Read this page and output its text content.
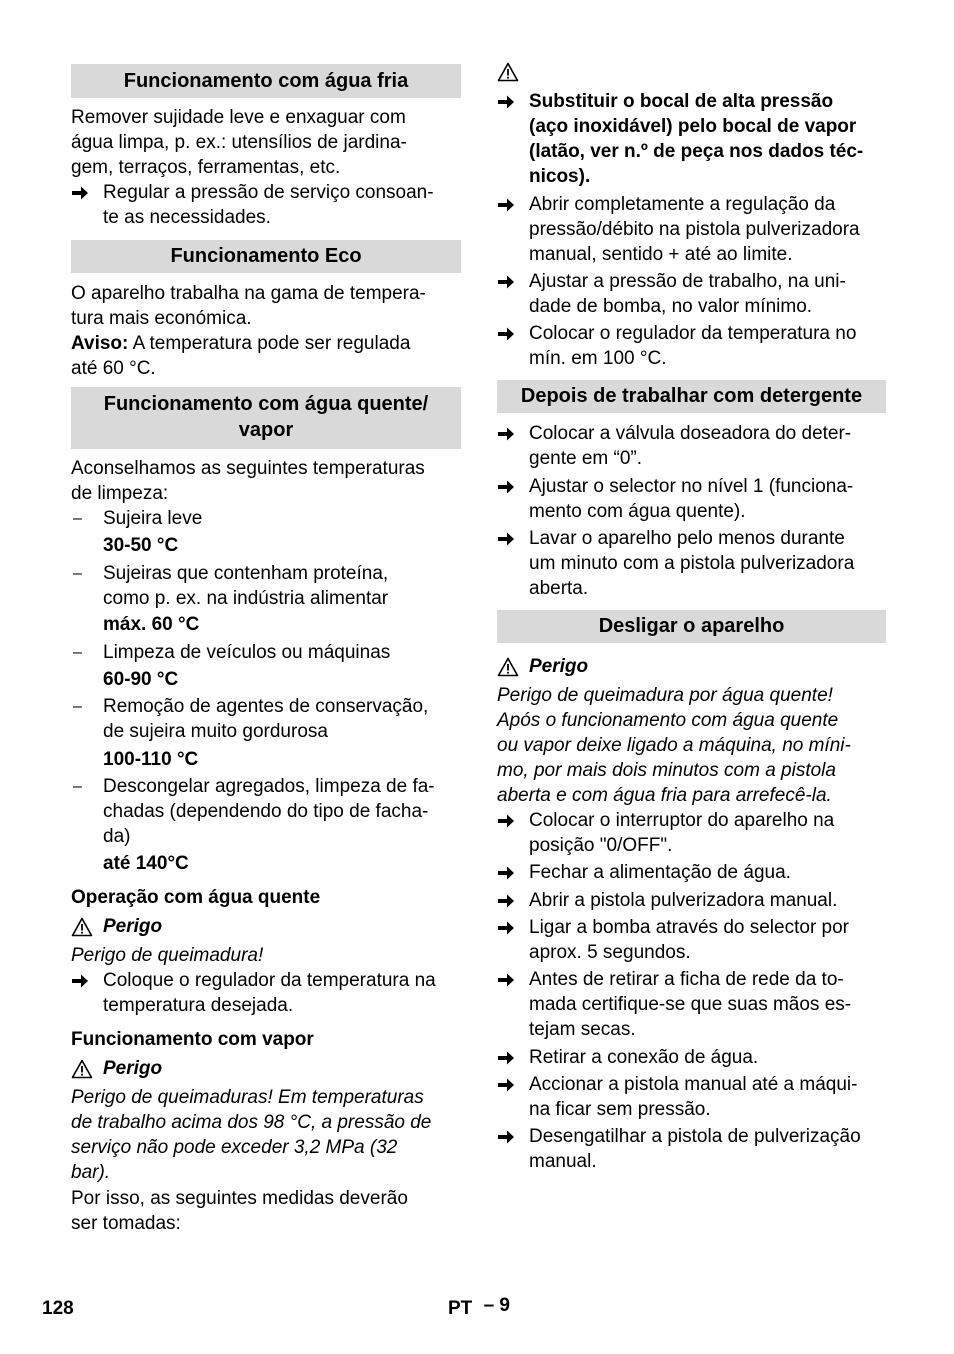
Funcionamento com água fria
Remover sujidade leve e enxaguar com
água limpa, p. ex.: utensílios de jardina-
gem, terraços, ferramentas, etc.
Regular a pressão de serviço consoan-
te as necessidades.
Funcionamento Eco
O aparelho trabalha na gama de tempera-
tura mais económica.
Aviso: A temperatura pode ser regulada
até 60 °C.
Funcionamento com água quente/
vapor
Aconselhamos as seguintes temperaturas
de limpeza:
–	Sujeira leve
30-50 °C
–	Sujeiras que contenham proteína,
como p. ex. na indústria alimentar
máx. 60 °C
–	Limpeza de veículos ou máquinas
60-90 °C
–	Remoção de agentes de conservação,
de sujeira muito gordurosa
100-110 °C
–	Descongelar agregados, limpeza de fa-
chadas (dependendo do tipo de facha-
da)
até 140°C
Operação com água quente
Perigo
Perigo de queimadura!
Coloque o regulador da temperatura na
temperatura desejada.
Funcionamento com vapor
Perigo
Perigo de queimaduras! Em temperaturas
de trabalho acima dos 98 °C, a pressão de
serviço não pode exceder 3,2 MPa (32
bar).
Por isso, as seguintes medidas deverão
ser tomadas:
Substituir o bocal de alta pressão
(aço inoxidável) pelo bocal de vapor
(latão, ver n.º de peça nos dados téc-
nicos).
Abrir completamente a regulação da
pressão/débito na pistola pulverizadora
manual, sentido + até ao limite.
Ajustar a pressão de trabalho, na uni-
dade de bomba, no valor mínimo.
Colocar o regulador da temperatura no
mín. em 100 °C.
Depois de trabalhar com detergente
Colocar a válvula doseadora do deter-
gente em “0”.
Ajustar o selector no nível 1 (funciona-
mento com água quente).
Lavar o aparelho pelo menos durante
um minuto com a pistola pulverizadora
aberta.
Desligar o aparelho
Perigo
Perigo de queimadura por água quente!
Após o funcionamento com água quente
ou vapor deixe ligado a máquina, no míni-
mo, por mais dois minutos com a pistola
aberta e com água fria para arrefecê-la.
Colocar o interruptor do aparelho na
posição "0/OFF".
Fechar a alimentação de água.
Abrir a pistola pulverizadora manual.
Ligar a bomba através do selector por
aprox. 5 segundos.
Antes de retirar a ficha de rede da to-
mada certifique-se que suas mãos es-
tejam secas.
Retirar a conexão de água.
Accionar a pistola manual até a máqui-
na ficar sem pressão.
Desengatilhar a pistola de pulverização
manual.
128	PT – 9
